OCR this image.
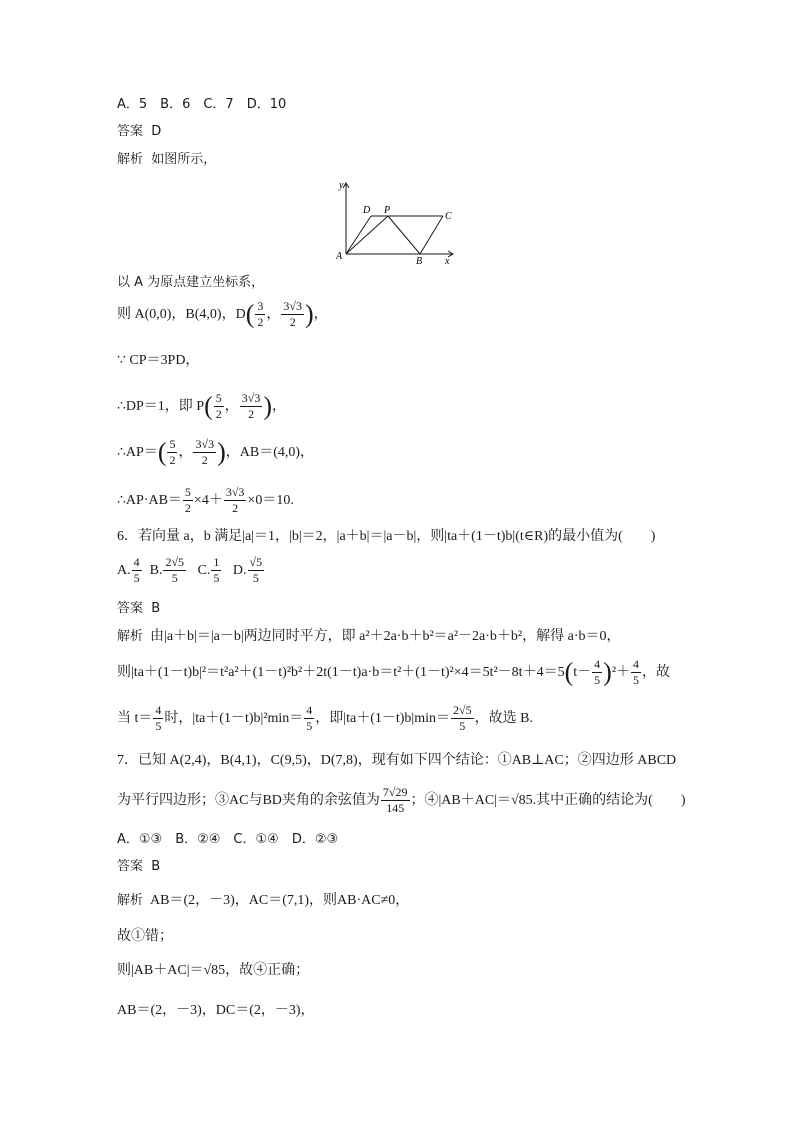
A．5　B．6　C．7　D．10
答案 D
解析 如图所示，
y
x
A	B
D P
C
以 A 为原点建立坐标系，
则 A(0,0)，B(4,0)，$D( \frac{3}{2}$ ， $\frac{3√3}{2}$ )，
∵ CP＝3PD，
∴DP＝1，即 $P( \frac{5}{2}$ ， $\frac{3√3}{2}$ )，
∴AP＝( $\frac{5}{2}$ ， $\frac{3√3}{2}$ )，AB＝(4,0)，
∴AP·AB＝ $\frac{5}{2} \times 4+ \frac{3√3}{2} \times 0=10$.
6．若向量 a，b 满足|a|＝1，|b|＝2，|a＋b|＝|a－b|，则|ta＋(1－t)b|(t∈R)的最小值为(　　)
A. $\frac{4}{5} B$. $\frac{2√5}{5} C$. $\frac{1}{5} D$. $\frac{√5}{5}$
答案 B
解析 由|a＋b|＝|a－b|两边同时平方，即 a²＋2a·b＋b²＝a²－2a·b＋b²，解得 a·b＝0，
则$|ta+(1-t)b|^2=t^2a^2+(1-t)^2b^2+2t(1-t)a\cdot b=t^2+(1-t)^2\times 4=5t^2-8t+4=5(t- \frac{4}{5} )^2+ \frac{4}{5}$ ，故
当 $t= \frac{4}{5}$ 时，$|ta+(1-t)b|^2\min= \frac{4}{5}$ ，即$|ta+(1-t)b|\min= \frac{2√5}{5}$ ，故选 B.
7．已知 A(2,4)，B(4,1)，C(9,5)，D(7,8)，现有如下四个结论：①AB⊥AC；②四边形 ABCD
为平行四边形；③AC与BD夹角的余弦值为 $\frac{7√29}{145}$ ；④|AB＋AC|＝√85.其中正确的结论为(　　)
A．①③　B．②④　C．①④　D．②③
答案 B
解析 AB＝(2，－3)，AC＝(7,1)，则AB·AC≠0，
故①错；
则|AB＋AC|＝√85，故④正确；
AB＝(2，－3)，DC＝(2，－3)，
